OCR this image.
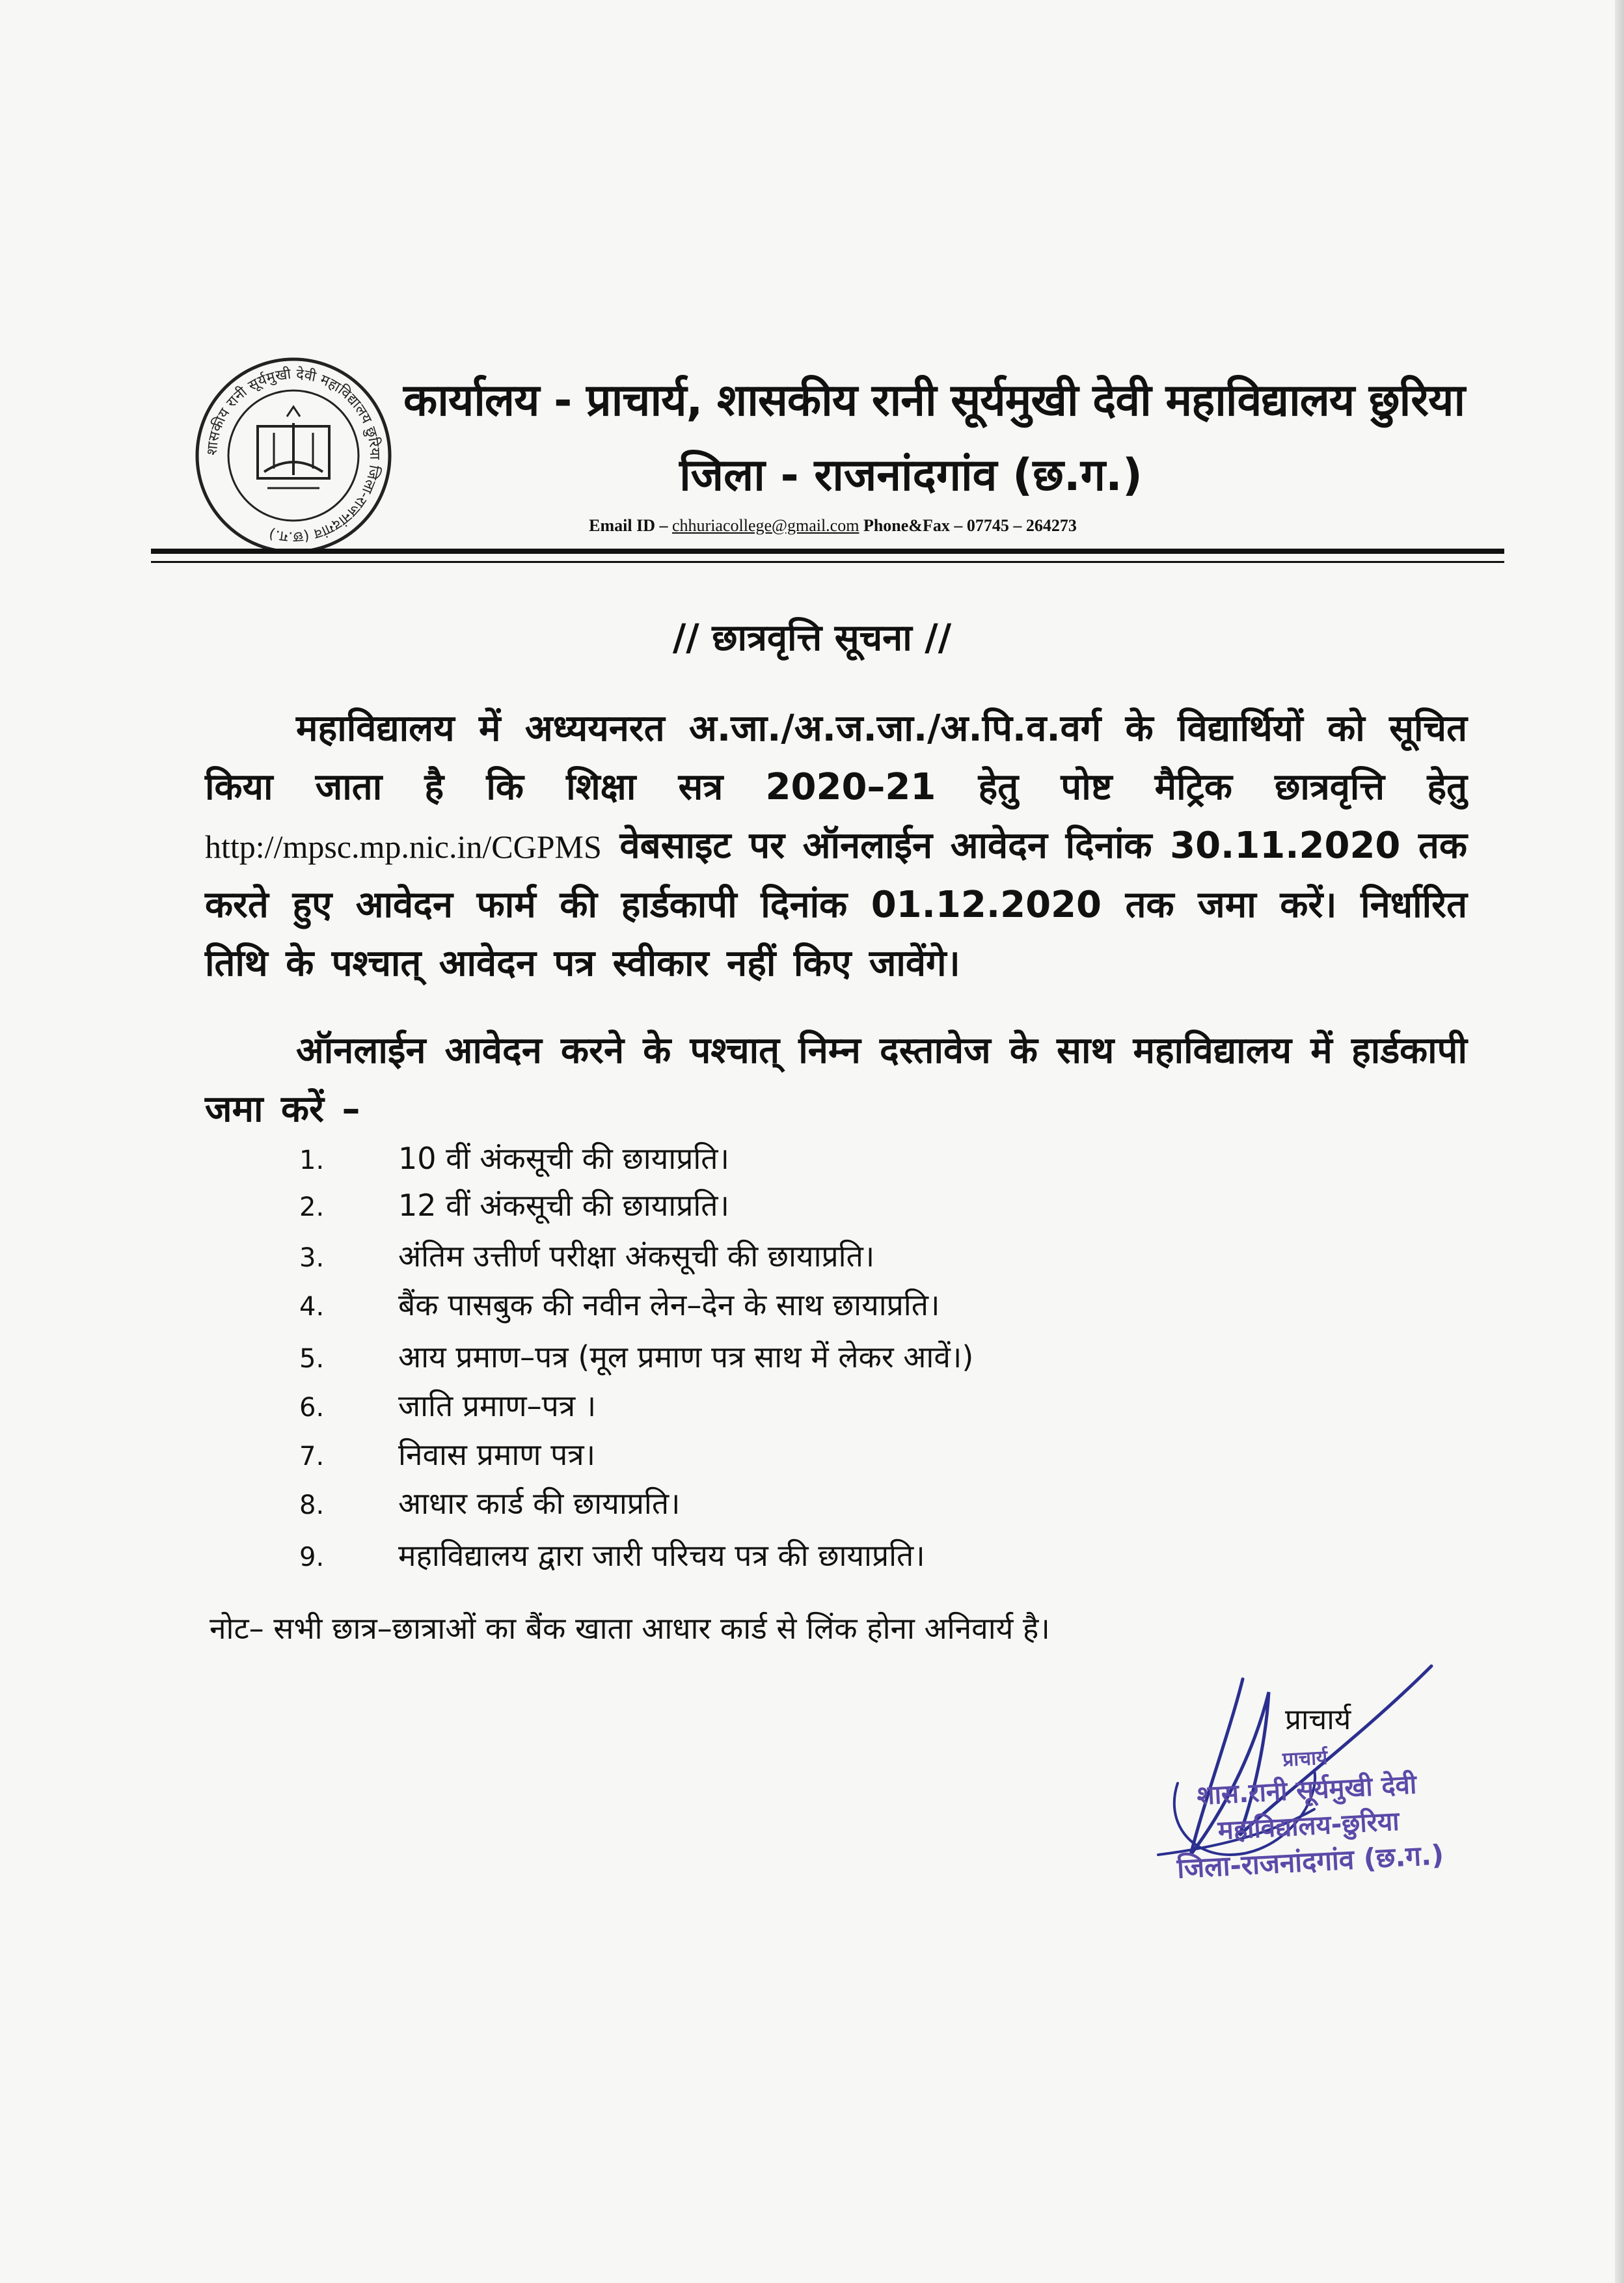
शासकीय रानी सूर्यमुखी देवी महाविद्यालय छुरिया जिला-राजनांदगांव (छ.ग.)
कार्यालय - प्राचार्य, शासकीय रानी सूर्यमुखी देवी महाविद्यालय छुरिया
जिला - राजनांदगांव (छ.ग.)
Email ID – chhuriacollege@gmail.com Phone&Fax – 07745 – 264273
// छात्रवृत्ति सूचना //
महाविद्यालय में अध्ययनरत अ.जा./अ.ज.जा./अ.पि.व.वर्ग के विद्यार्थियों को सूचित किया जाता है कि शिक्षा सत्र 2020–21 हेतु पोष्ट मैट्रिक छात्रवृत्ति हेतु http://mpsc.mp.nic.in/CGPMS वेबसाइट पर ऑनलाईन आवेदन दिनांक 30.11.2020 तक करते हुए आवेदन फार्म की हार्डकापी दिनांक 01.12.2020 तक जमा करें। निर्धारित तिथि के पश्चात् आवेदन पत्र स्वीकार नहीं किए जावेंगे।
ऑनलाईन आवेदन करने के पश्चात् निम्न दस्तावेज के साथ महाविद्यालय में हार्डकापी जमा करें –
1.	10 वीं अंकसूची की छायाप्रति।
2.	12 वीं अंकसूची की छायाप्रति।
3.	अंतिम उत्तीर्ण परीक्षा अंकसूची की छायाप्रति।
4.	बैंक पासबुक की नवीन लेन–देन के साथ छायाप्रति।
5.	आय प्रमाण–पत्र (मूल प्रमाण पत्र साथ में लेकर आवें।)
6.	जाति प्रमाण–पत्र ।
7.	निवास प्रमाण पत्र।
8.	आधार कार्ड की छायाप्रति।
9.	महाविद्यालय द्वारा जारी परिचय पत्र की छायाप्रति।
नोट– सभी छात्र–छात्राओं का बैंक खाता आधार कार्ड से लिंक होना अनिवार्य है।
प्राचार्य
प्राचार्य
शास.रानी सूर्यमुखी देवी
महाविद्यालय-छुरिया
जिला-राजनांदगांव (छ.ग.)
